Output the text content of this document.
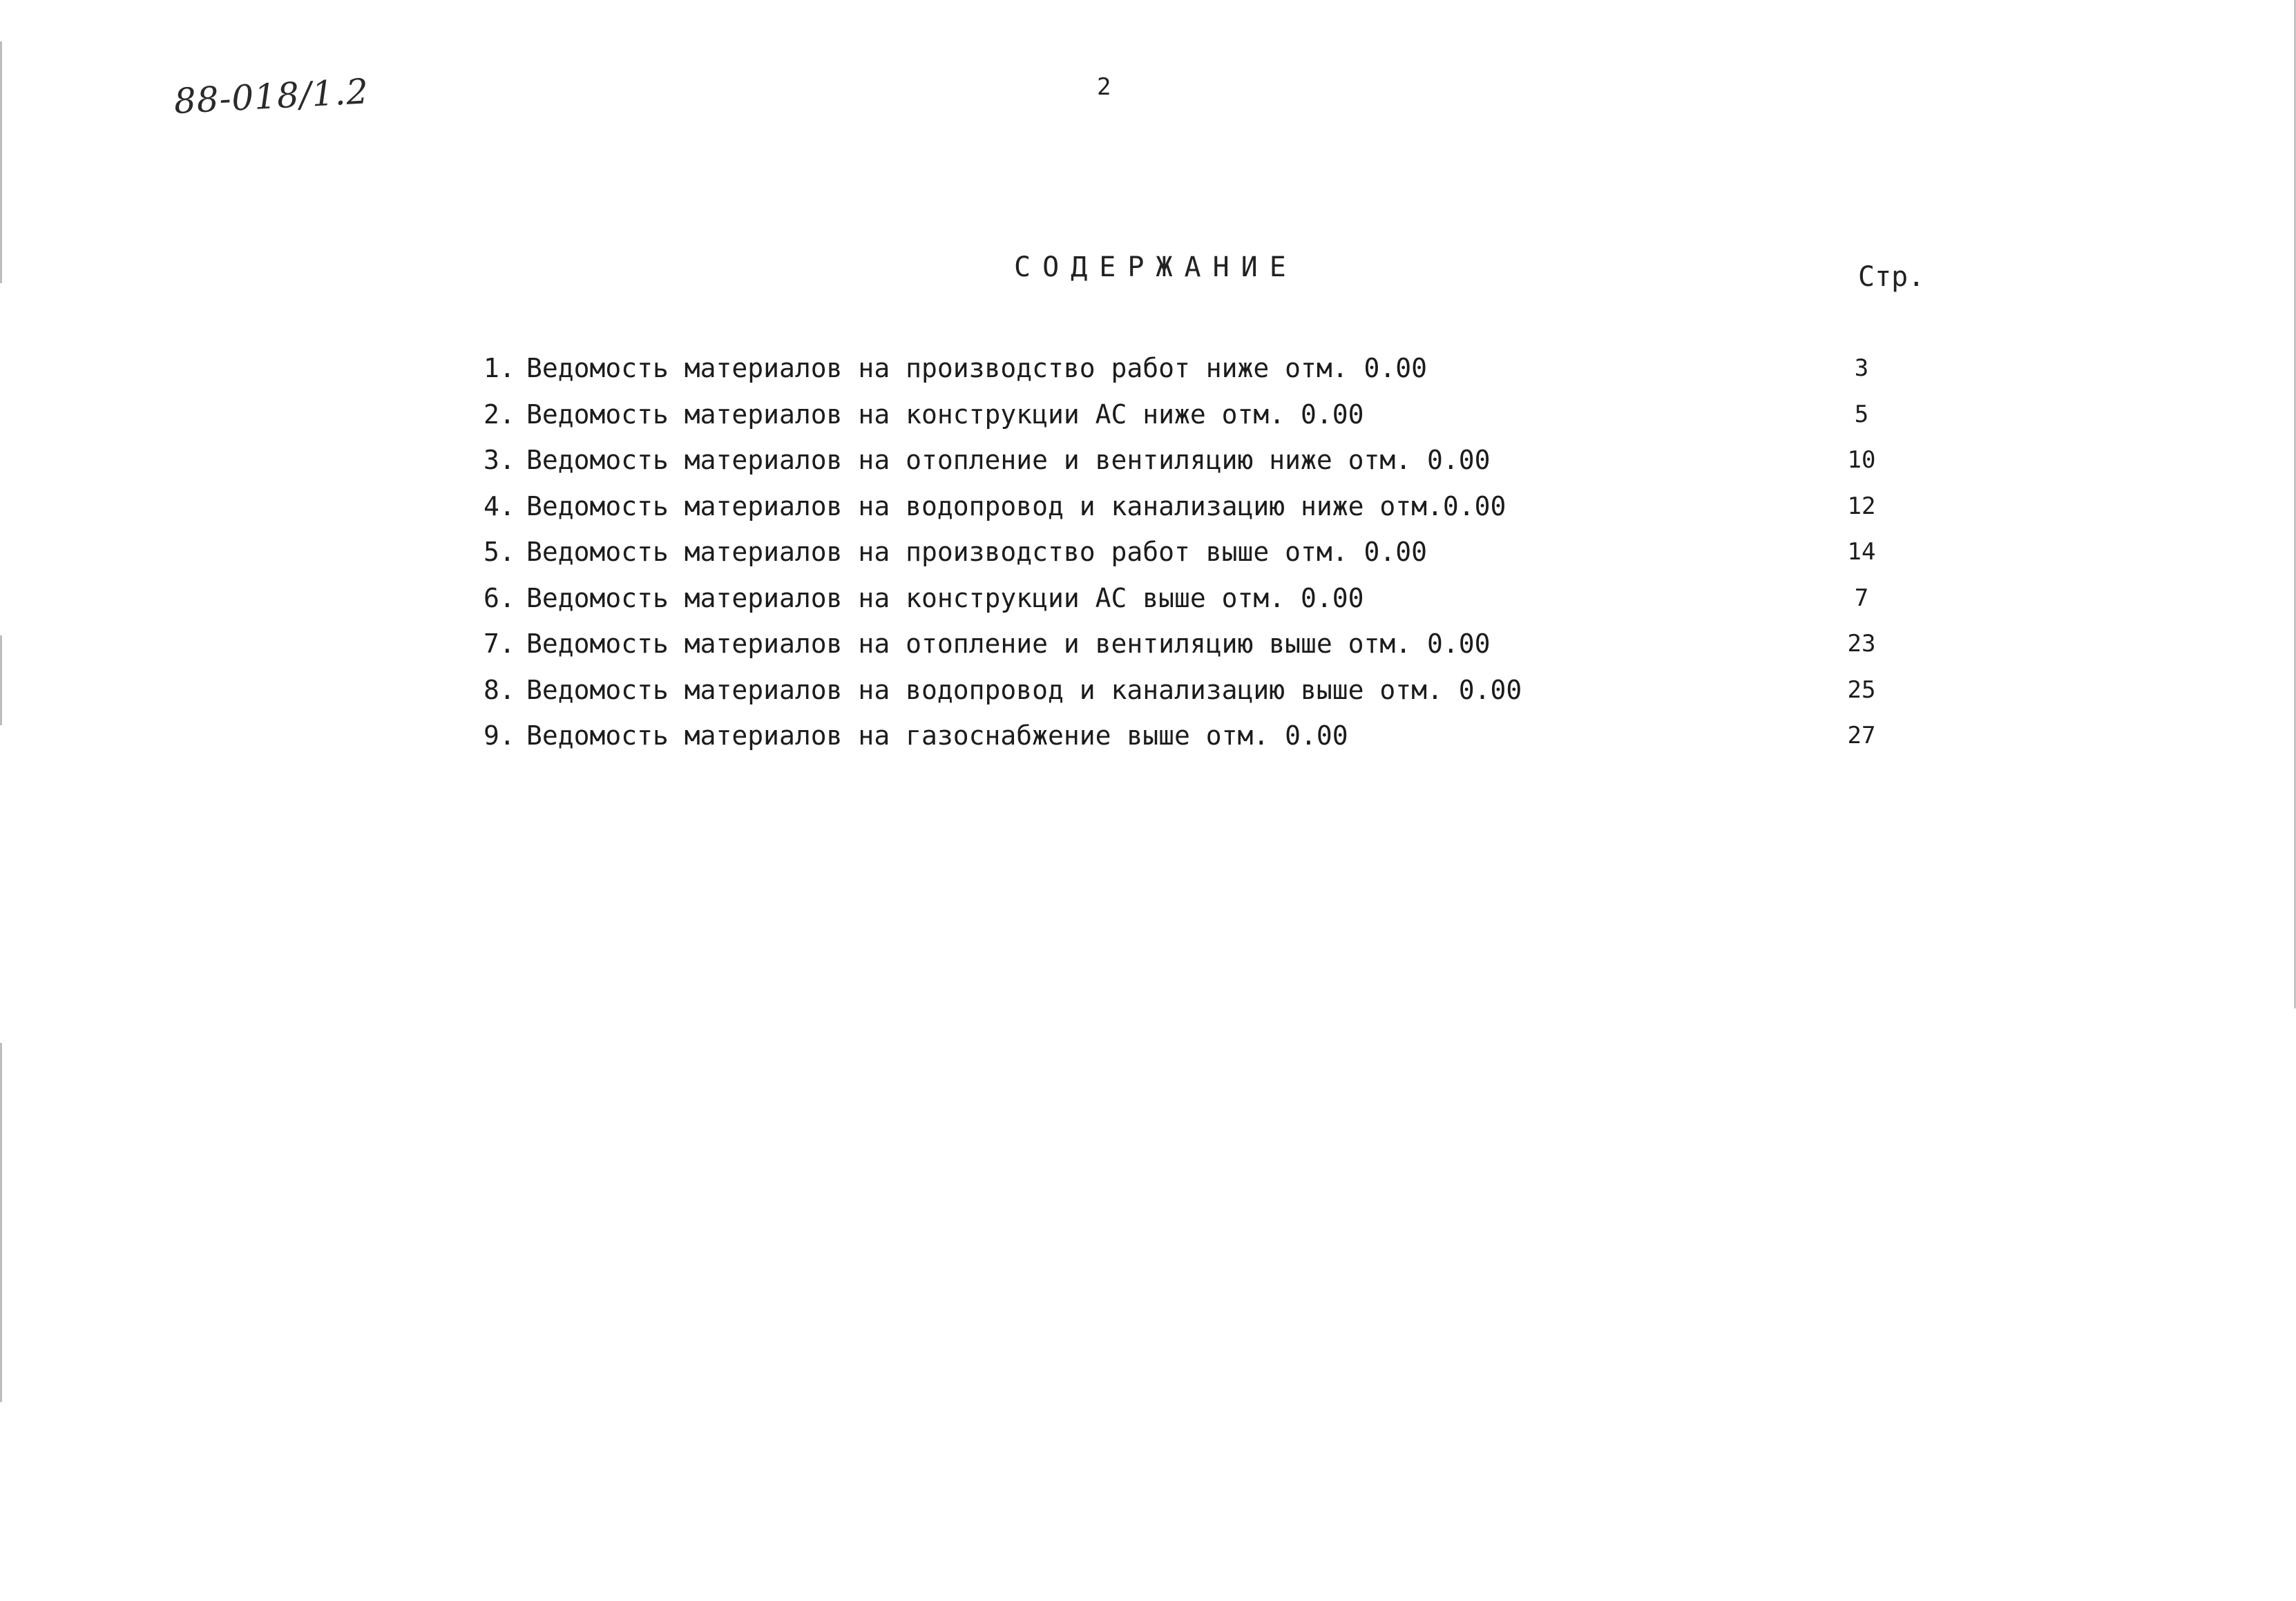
88-018/1.2	2
СОДЕРЖАНИЕ	Стр.
1. Ведомость материалов на производство работ ниже отм. 0.00	3
2. Ведомость материалов на конструкции АС ниже отм. 0.00	5
3. Ведомость материалов на отопление и вентиляцию ниже отм. 0.00	10
4. Ведомость материалов на водопровод и канализацию ниже отм.0.00	12
5. Ведомость материалов на производство работ выше отм. 0.00	14
6. Ведомость материалов на конструкции АС выше отм. 0.00	7
7. Ведомость материалов на отопление и вентиляцию выше отм. 0.00	23
8. Ведомость материалов на водопровод и канализацию выше отм. 0.00	25
9. Ведомость материалов на газоснабжение выше отм. 0.00	27
